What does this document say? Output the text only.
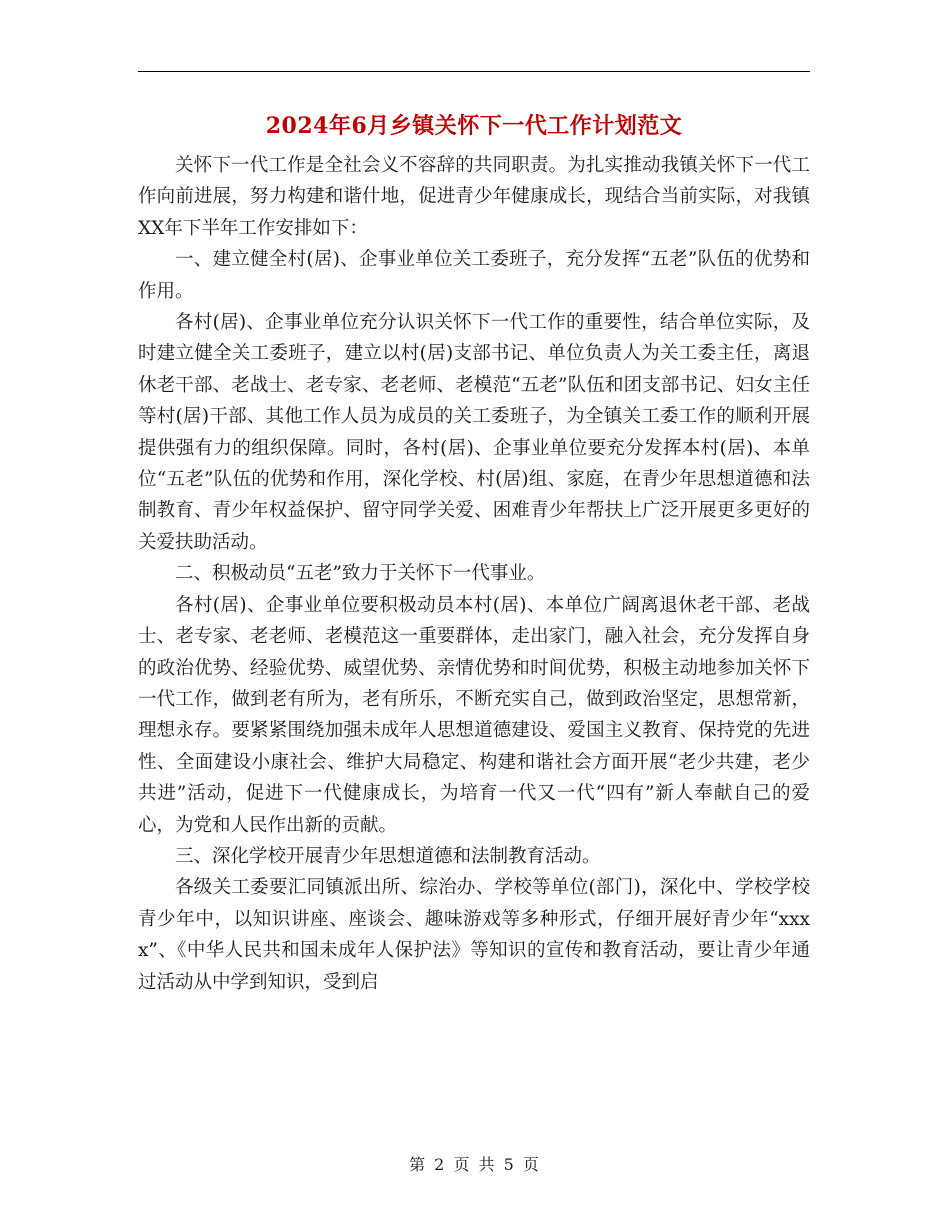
2024年6月乡镇关怀下一代工作计划范文

关怀下一代工作是全社会义不容辞的共同职责。为扎实推动我镇关怀下一代工作向前进展，努力构建和谐什地，促进青少年健康成长，现结合当前实际，对我镇XX年下半年工作安排如下：

一、建立健全村(居)、企事业单位关工委班子，充分发挥“五老”队伍的优势和作用。

各村(居)、企事业单位充分认识关怀下一代工作的重要性，结合单位实际，及时建立健全关工委班子，建立以村(居)支部书记、单位负责人为关工委主任，离退休老干部、老战士、老专家、老老师、老模范“五老”队伍和团支部书记、妇女主任等村(居)干部、其他工作人员为成员的关工委班子，为全镇关工委工作的顺利开展提供强有力的组织保障。同时，各村(居)、企事业单位要充分发挥本村(居)、本单位“五老”队伍的优势和作用，深化学校、村(居)组、家庭，在青少年思想道德和法制教育、青少年权益保护、留守同学关爱、困难青少年帮扶上广泛开展更多更好的关爱扶助活动。

二、积极动员“五老”致力于关怀下一代事业。

各村(居)、企事业单位要积极动员本村(居)、本单位广阔离退休老干部、老战士、老专家、老老师、老模范这一重要群体，走出家门，融入社会，充分发挥自身的政治优势、经验优势、威望优势、亲情优势和时间优势，积极主动地参加关怀下一代工作，做到老有所为，老有所乐，不断充实自己，做到政治坚定，思想常新，理想永存。要紧紧围绕加强未成年人思想道德建设、爱国主义教育、保持党的先进性、全面建设小康社会、维护大局稳定、构建和谐社会方面开展“老少共建，老少共进”活动，促进下一代健康成长，为培育一代又一代“四有”新人奉献自己的爱心，为党和人民作出新的贡献。

三、深化学校开展青少年思想道德和法制教育活动。

各级关工委要汇同镇派出所、综治办、学校等单位(部门)，深化中、学校学校青少年中，以知识讲座、座谈会、趣味游戏等多种形式，仔细开展好青少年“xxxx”、《中华人民共和国未成年人保护法》等知识的宣传和教育活动，要让青少年通过活动从中学到知识，受到启

第 2 页 共 5 页
